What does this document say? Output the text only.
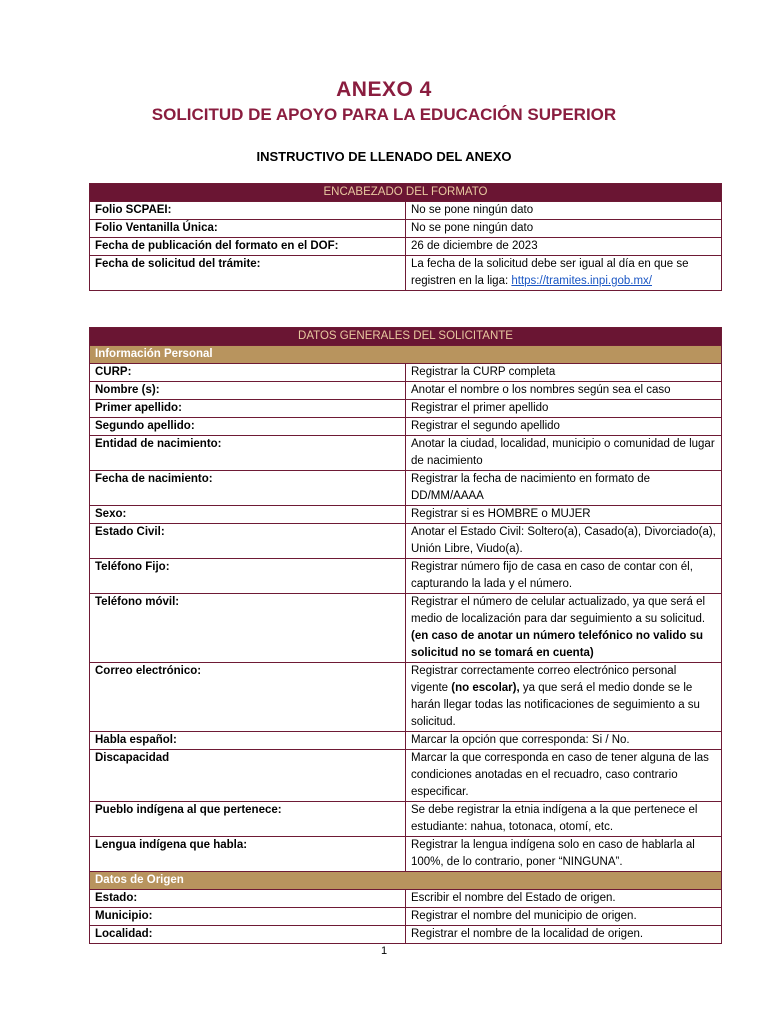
ANEXO 4
SOLICITUD DE APOYO PARA LA EDUCACIÓN SUPERIOR
INSTRUCTIVO DE LLENADO DEL ANEXO
ENCABEZADO DEL FORMATO	
Folio SCPAEI:	No se pone ningún dato
Folio Ventanilla Única:	No se pone ningún dato
Fecha de publicación del formato en el DOF:	26 de diciembre de 2023
Fecha de solicitud del trámite:	La fecha de la solicitud debe ser igual al día en que se registren en la liga: https://tramites.inpi.gob.mx/
DATOS GENERALES DEL SOLICITANTE	
Información Personal	
CURP:	Registrar la CURP completa
Nombre (s):	Anotar el nombre o los nombres según sea el caso
Primer apellido:	Registrar el primer apellido
Segundo apellido:	Registrar el segundo apellido
Entidad de nacimiento:	Anotar la ciudad, localidad, municipio o comunidad de lugar de nacimiento
Fecha de nacimiento:	Registrar la fecha de nacimiento en formato de DD/MM/AAAA
Sexo:	Registrar si es HOMBRE o MUJER
Estado Civil:	Anotar el Estado Civil: Soltero(a), Casado(a), Divorciado(a), Unión Libre, Viudo(a).
Teléfono Fijo:	Registrar número fijo de casa en caso de contar con él, capturando la lada y el número.
Teléfono móvil:	Registrar el número de celular actualizado, ya que será el medio de localización para dar seguimiento a su solicitud. (en caso de anotar un número telefónico no valido su solicitud no se tomará en cuenta)
Correo electrónico:	Registrar correctamente correo electrónico personal vigente (no escolar), ya que será el medio donde se le harán llegar todas las notificaciones de seguimiento a su solicitud.
Habla español:	Marcar la opción que corresponda: Si / No.
Discapacidad	Marcar la que corresponda en caso de tener alguna de las condiciones anotadas en el recuadro, caso contrario especificar.
Pueblo indígena al que pertenece:	Se debe registrar la etnia indígena a la que pertenece el estudiante: nahua, totonaca, otomí, etc.
Lengua indígena que habla:	Registrar la lengua indígena solo en caso de hablarla al 100%, de lo contrario, poner “NINGUNA”.
Datos de Origen	
Estado:	Escribir el nombre del Estado de origen.
Municipio:	Registrar el nombre del municipio de origen.
Localidad:	Registrar el nombre de la localidad de origen.
1
